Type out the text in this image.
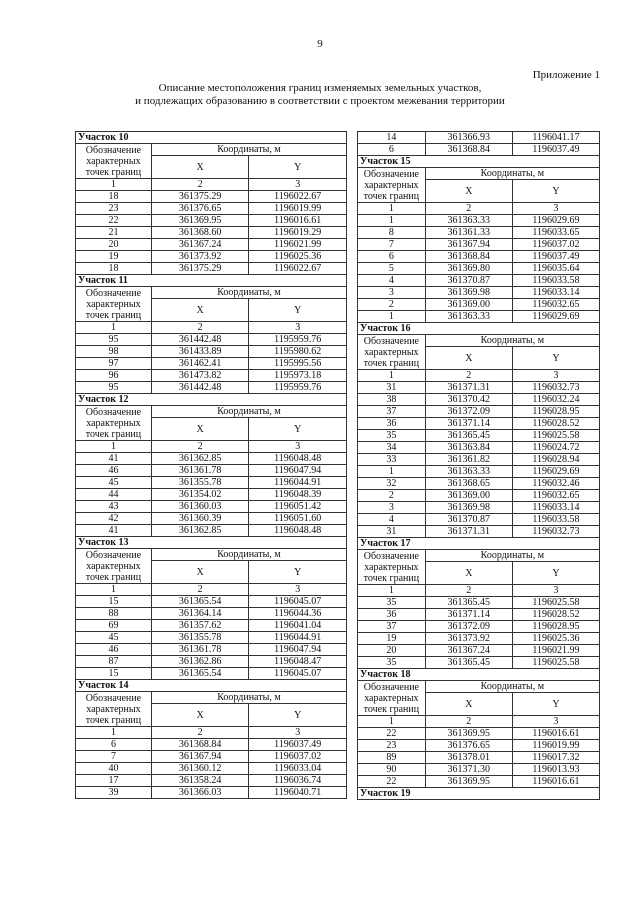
9
Приложение 1
Описание местоположения границ изменяемых земельных участков,
и подлежащих образованию в соответствии с проектом межевания территории
Участок 10		
Обозначение характерных точек границ	Координаты, м	
	X	Y
1	2	3
18	361375.29	1196022.67
23	361376.65	1196019.99
22	361369.95	1196016.61
21	361368.60	1196019.29
20	361367.24	1196021.99
19	361373.92	1196025.36
18	361375.29	1196022.67
Участок 11		
Обозначение характерных точек границ	Координаты, м	
	X	Y
1	2	3
95	361442.48	1195959.76
98	361433.89	1195980.62
97	361462.41	1195995.56
96	361473.82	1195973.18
95	361442.48	1195959.76
Участок 12		
Обозначение характерных точек границ	Координаты, м	
	X	Y
1	2	3
41	361362.85	1196048.48
46	361361.78	1196047.94
45	361355.78	1196044.91
44	361354.02	1196048.39
43	361360.03	1196051.42
42	361360.39	1196051.60
41	361362.85	1196048.48
Участок 13		
Обозначение характерных точек границ	Координаты, м	
	X	Y
1	2	3
15	361365.54	1196045.07
88	361364.14	1196044.36
69	361357.62	1196041.04
45	361355.78	1196044.91
46	361361.78	1196047.94
87	361362.86	1196048.47
15	361365.54	1196045.07
Участок 14		
Обозначение характерных точек границ	Координаты, м	
	X	Y
1	2	3
6	361368.84	1196037.49
7	361367.94	1196037.02
40	361360.12	1196033.04
17	361358.24	1196036.74
39	361366.03	1196040.71
14	361366.93	1196041.17
6	361368.84	1196037.49
Участок 15		
Обозначение характерных точек границ	Координаты, м	
	X	Y
1	2	3
1	361363.33	1196029.69
8	361361.33	1196033.65
7	361367.94	1196037.02
6	361368.84	1196037.49
5	361369.80	1196035.64
4	361370.87	1196033.58
3	361369.98	1196033.14
2	361369.00	1196032.65
1	361363.33	1196029.69
Участок 16		
Обозначение характерных точек границ	Координаты, м	
	X	Y
1	2	3
31	361371.31	1196032.73
38	361370.42	1196032.24
37	361372.09	1196028.95
36	361371.14	1196028.52
35	361365.45	1196025.58
34	361363.84	1196024.72
33	361361.82	1196028.94
1	361363.33	1196029.69
32	361368.65	1196032.46
2	361369.00	1196032.65
3	361369.98	1196033.14
4	361370.87	1196033.58
31	361371.31	1196032.73
Участок 17		
Обозначение характерных точек границ	Координаты, м	
	X	Y
1	2	3
35	361365.45	1196025.58
36	361371.14	1196028.52
37	361372.09	1196028.95
19	361373.92	1196025.36
20	361367.24	1196021.99
35	361365.45	1196025.58
Участок 18		
Обозначение характерных точек границ	Координаты, м	
	X	Y
1	2	3
22	361369.95	1196016.61
23	361376.65	1196019.99
89	361378.01	1196017.32
90	361371.30	1196013.93
22	361369.95	1196016.61
Участок 19		
